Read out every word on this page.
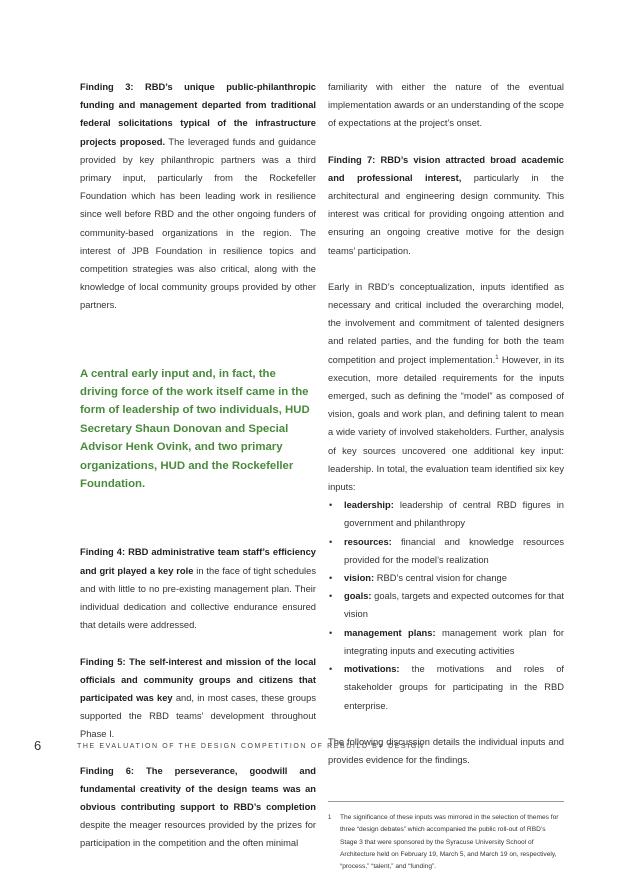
Finding 3: RBD’s unique public-philanthropic funding and management departed from traditional federal solicitations typical of the infrastructure projects proposed. The leveraged funds and guidance provided by key philanthropic partners was a third primary input, particularly from the Rockefeller Foundation which has been leading work in resilience since well before RBD and the other ongoing funders of community-based organizations in the region. The interest of JPB Foundation in resilience topics and competition strategies was also critical, along with the knowledge of local community groups provided by other partners.

A central early input and, in fact, the driving force of the work itself came in the form of leadership of two individuals, HUD Secretary Shaun Donovan and Special Advisor Henk Ovink, and two primary organizations, HUD and the Rockefeller Foundation.

Finding 4: RBD administrative team staff’s efficiency and grit played a key role in the face of tight schedules and with little to no pre-existing management plan. Their individual dedication and collective endurance ensured that details were addressed.

Finding 5: The self-interest and mission of the local officials and community groups and citizens that participated was key and, in most cases, these groups supported the RBD teams’ development throughout Phase I.

Finding 6: The perseverance, goodwill and fundamental creativity of the design teams was an obvious contributing support to RBD’s completion despite the meager resources provided by the prizes for participation in the competition and the often minimal

familiarity with either the nature of the eventual implementation awards or an understanding of the scope of expectations at the project’s onset.

Finding 7: RBD’s vision attracted broad academic and professional interest, particularly in the architectural and engineering design community. This interest was critical for providing ongoing attention and ensuring an ongoing creative motive for the design teams’ participation.

Early in RBD’s conceptualization, inputs identified as necessary and critical included the overarching model, the involvement and commitment of talented designers and related parties, and the funding for both the team competition and project implementation.$^1$ However, in its execution, more detailed requirements for the inputs emerged, such as defining the “model” as composed of vision, goals and work plan, and defining talent to mean a wide variety of involved stakeholders. Further, analysis of key sources uncovered one additional key input: leadership. In total, the evaluation team identified six key inputs:

• leadership: leadership of central RBD figures in government and philanthropy
• resources: financial and knowledge resources provided for the model’s realization
• vision: RBD’s central vision for change
• goals: goals, targets and expected outcomes for that vision
• management plans: management work plan for integrating inputs and executing activities
• motivations: the motivations and roles of stakeholder groups for participating in the RBD enterprise.

The following discussion details the individual inputs and provides evidence for the findings.

1 The significance of these inputs was mirrored in the selection of themes for three “design debates” which accompanied the public roll-out of RBD’s Stage 3 that were sponsored by the Syracuse University School of Architecture held on February 19, March 5, and March 19 on, respectively, “process,” “talent,” and “funding”.

6	THE EVALUATION OF THE DESIGN COMPETITION OF REBUILD BY DESIGN
